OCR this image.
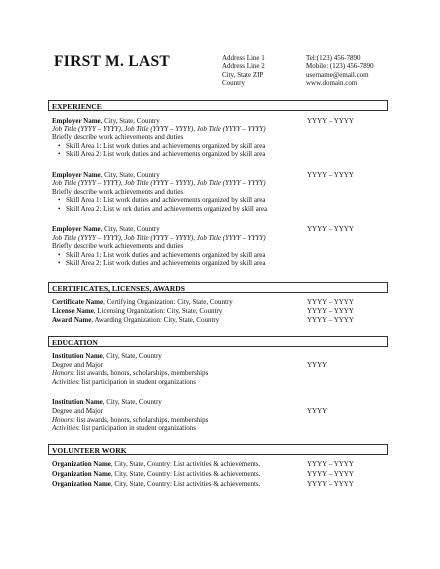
FIRST M. LAST	Address Line 1
Address Line 2
City, State ZIP
Country
Tel:(123) 456-7890
Mobile: (123) 456-7890
username@email.com
www.domain.com
EXPERIENCE
Employer Name, City, State, Country	YYYY – YYYY
Job Title (YYYY – YYYY), Job Title (YYYY – YYYY), Job Title (YYYY – YYYY)
Briefly describe work achievements and duties
• Skill Area 1: List work duties and achievements organized by skill area
• Skill Area 2: List work duties and achievements organized by skill area
Employer Name, City, State, Country	YYYY – YYYY
Job Title (YYYY – YYYY), Job Title (YYYY – YYYY), Job Title (YYYY – YYYY)
Briefly describe work achievements and duties
• Skill Area 1: List work duties and achievements organized by skill area
• Skill Area 2: List w ork duties and achievements organized by skill area
Employer Name, City, State, Country	YYYY – YYYY
Job Title (YYYY – YYYY), Job Title (YYYY – YYYY), Job Title (YYYY – YYYY)
Briefly describe work achievements and duties
• Skill Area 1: List work duties and achievements organized by skill area
• Skill Area 2: List work duties and achievements organized by skill area
CERTIFICATES, LICENSES, AWARDS
Certificate Name, Certifying Organization: City, State, Country	YYYY – YYYY
License Name, Licensing Organization: City, State, Country	YYYY – YYYY
Award Name, Awarding Organization: City, State, Country	YYYY – YYYY
EDUCATION
Institution Name, City, State, Country
Degree and Major	YYYY
Honors: list awards, honors, scholarships, memberships
Activities: list participation in student organizations
Institution Name, City, State, Country
Degree and Major	YYYY
Honors: list awards, honors, scholarships, memberships
Activities: list participation in student organizations
VOLUNTEER WORK
Organization Name, City, State, Country: List activities & achievements.	YYYY – YYYY
Organization Name, City, State, Country: List activities & achievements.	YYYY – YYYY
Organization Name, City, State, Country: List activities & achievements.	YYYY – YYYY
